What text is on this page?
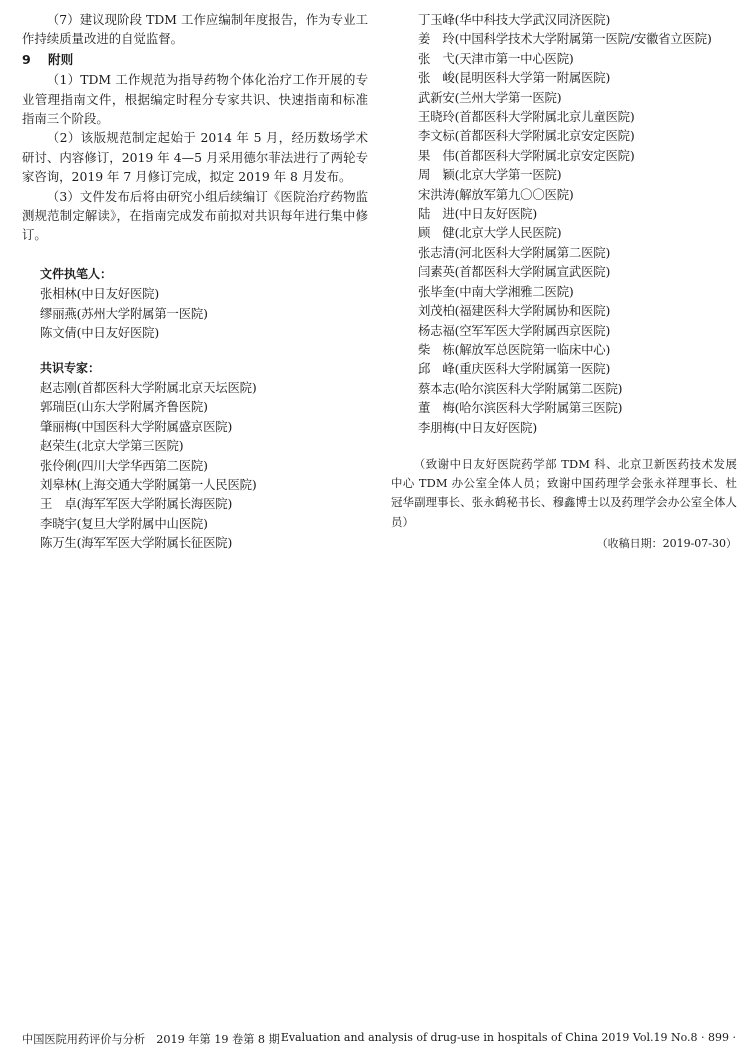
（7）建议现阶段 TDM 工作应编制年度报告，作为专业工作持续质量改进的自觉监督。

9 附则

（1）TDM 工作规范为指导药物个体化治疗工作开展的专业管理指南文件，根据编定时程分专家共识、快速指南和标准指南三个阶段。

（2）该版规范制定起始于 2014 年 5 月，经历数场学术研讨、内容修订，2019 年 4—5 月采用德尔菲法进行了两轮专家咨询，2019 年 7 月修订完成，拟定 2019 年 8 月发布。

（3）文件发布后将由研究小组后续编订《医院治疗药物监测规范制定解读》，在指南完成发布前拟对共识每年进行集中修订。

文件执笔人：
张相林(中日友好医院)
缪丽燕(苏州大学附属第一医院)
陈文倩(中日友好医院)
共识专家：
赵志刚(首都医科大学附属北京天坛医院)
郭瑞臣(山东大学附属齐鲁医院)
肇丽梅(中国医科大学附属盛京医院)
赵荣生(北京大学第三医院)
张伶俐(四川大学华西第二医院)
刘皋林(上海交通大学附属第一人民医院)
王　卓(海军军医大学附属长海医院)
李晓宇(复旦大学附属中山医院)
陈万生(海军军医大学附属长征医院)
丁玉峰(华中科技大学武汉同济医院)
姜　玲(中国科学技术大学附属第一医院/安徽省立医院)
张　弋(天津市第一中心医院)
张　峻(昆明医科大学第一附属医院)
武新安(兰州大学第一医院)
王晓玲(首都医科大学附属北京儿童医院)
李文标(首都医科大学附属北京安定医院)
果　伟(首都医科大学附属北京安定医院)
周　颖(北京大学第一医院)
宋洪涛(解放军第九〇〇医院)
陆　进(中日友好医院)
顾　健(北京大学人民医院)
张志清(河北医科大学附属第二医院)
闫素英(首都医科大学附属宣武医院)
张毕奎(中南大学湘雅二医院)
刘茂柏(福建医科大学附属协和医院)
杨志福(空军军医大学附属西京医院)
柴　栋(解放军总医院第一临床中心)
邱　峰(重庆医科大学附属第一医院)
蔡本志(哈尔滨医科大学附属第二医院)
董　梅(哈尔滨医科大学附属第三医院)
李朋梅(中日友好医院)

（致谢中日友好医院药学部 TDM 科、北京卫新医药技术发展中心 TDM 办公室全体人员；致谢中国药理学会张永祥理事长、杜冠华副理事长、张永鹤秘书长、穆鑫博士以及药理学会办公室全体人员）

（收稿日期：2019-07-30）
中国医院用药评价与分析　2019 年第 19 卷第 8 期 Evaluation and analysis of drug-use in hospitals of China 2019 Vol.19 No.8 · 899 ·
